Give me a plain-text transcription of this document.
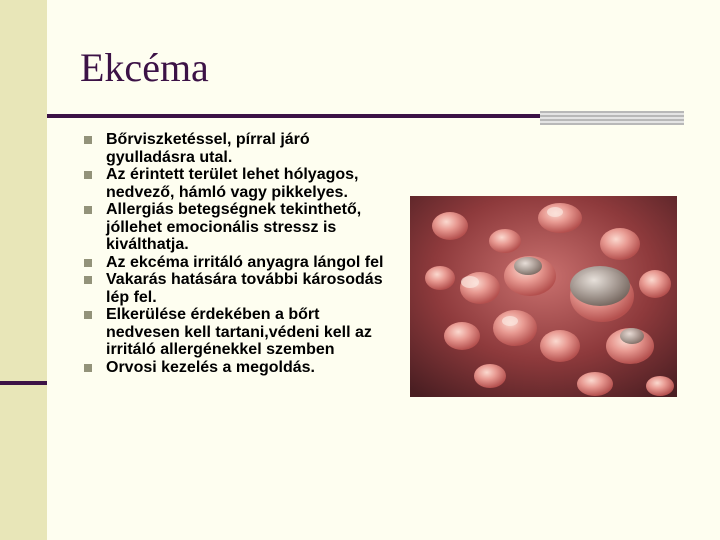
Ekcéma
Bőrviszketéssel, pírral járó gyulladásra utal.
Az érintett terület lehet hólyagos, nedvező, hámló vagy pikkelyes.
Allergiás betegségnek tekinthető, jóllehet emocionális stressz is kiválthatja.
Az ekcéma irritáló anyagra lángol fel
Vakarás hatására további károsodás lép fel.
Elkerülése érdekében a bőrt nedvesen kell tartani,védeni kell az irritáló allergénekkel szemben
Orvosi kezelés a megoldás.
